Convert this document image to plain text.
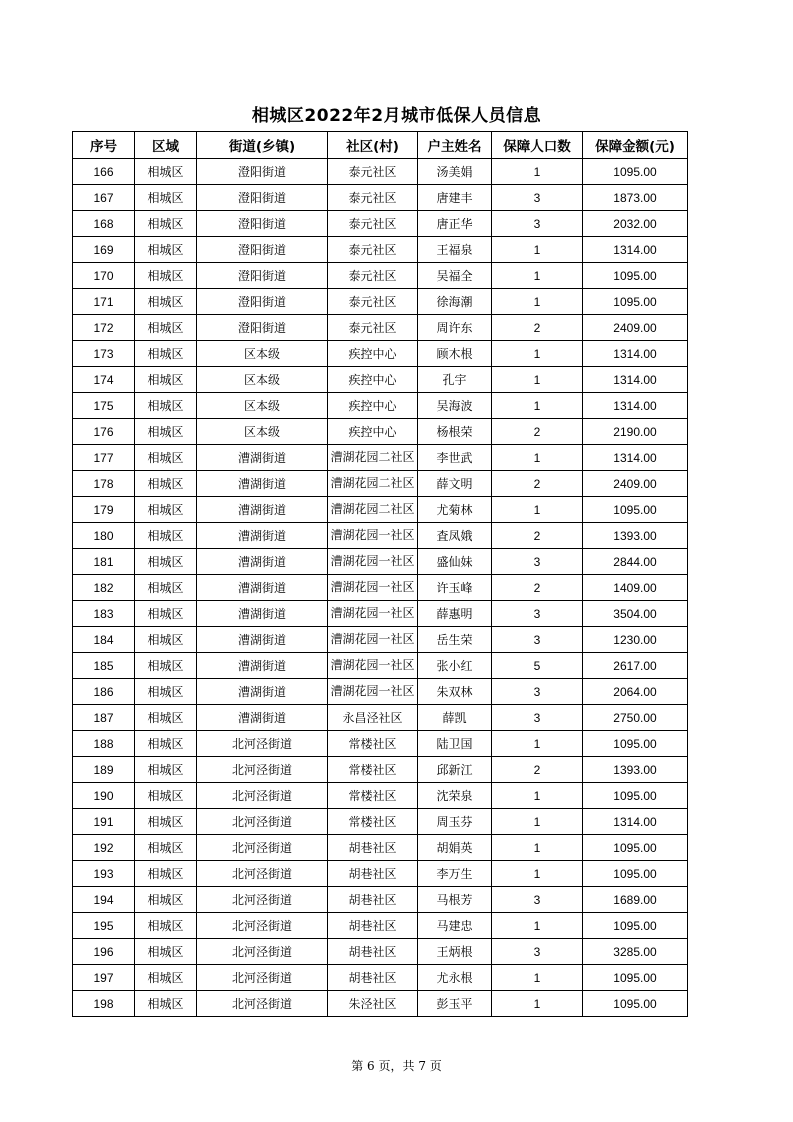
相城区2022年2月城市低保人员信息
序号	区域	街道(乡镇)	社区(村)	户主姓名	保障人口数	保障金额(元)
166	相城区	澄阳街道	泰元社区	汤美娟	1	1095.00
167	相城区	澄阳街道	泰元社区	唐建丰	3	1873.00
168	相城区	澄阳街道	泰元社区	唐正华	3	2032.00
169	相城区	澄阳街道	泰元社区	王福泉	1	1314.00
170	相城区	澄阳街道	泰元社区	吴福全	1	1095.00
171	相城区	澄阳街道	泰元社区	徐海潮	1	1095.00
172	相城区	澄阳街道	泰元社区	周许东	2	2409.00
173	相城区	区本级	疾控中心	顾木根	1	1314.00
174	相城区	区本级	疾控中心	孔宇	1	1314.00
175	相城区	区本级	疾控中心	吴海波	1	1314.00
176	相城区	区本级	疾控中心	杨根荣	2	2190.00
177	相城区	漕湖街道	漕湖花园二社区	李世武	1	1314.00
178	相城区	漕湖街道	漕湖花园二社区	薛文明	2	2409.00
179	相城区	漕湖街道	漕湖花园二社区	尤菊林	1	1095.00
180	相城区	漕湖街道	漕湖花园一社区	査凤娥	2	1393.00
181	相城区	漕湖街道	漕湖花园一社区	盛仙妹	3	2844.00
182	相城区	漕湖街道	漕湖花园一社区	许玉峰	2	1409.00
183	相城区	漕湖街道	漕湖花园一社区	薛惠明	3	3504.00
184	相城区	漕湖街道	漕湖花园一社区	岳生荣	3	1230.00
185	相城区	漕湖街道	漕湖花园一社区	张小红	5	2617.00
186	相城区	漕湖街道	漕湖花园一社区	朱双林	3	2064.00
187	相城区	漕湖街道	永昌泾社区	薛凯	3	2750.00
188	相城区	北河泾街道	常楼社区	陆卫国	1	1095.00
189	相城区	北河泾街道	常楼社区	邱新江	2	1393.00
190	相城区	北河泾街道	常楼社区	沈荣泉	1	1095.00
191	相城区	北河泾街道	常楼社区	周玉芬	1	1314.00
192	相城区	北河泾街道	胡巷社区	胡娟英	1	1095.00
193	相城区	北河泾街道	胡巷社区	李万生	1	1095.00
194	相城区	北河泾街道	胡巷社区	马根芳	3	1689.00
195	相城区	北河泾街道	胡巷社区	马建忠	1	1095.00
196	相城区	北河泾街道	胡巷社区	王炳根	3	3285.00
197	相城区	北河泾街道	胡巷社区	尤永根	1	1095.00
198	相城区	北河泾街道	朱泾社区	彭玉平	1	1095.00
第 6 页，共 7 页
